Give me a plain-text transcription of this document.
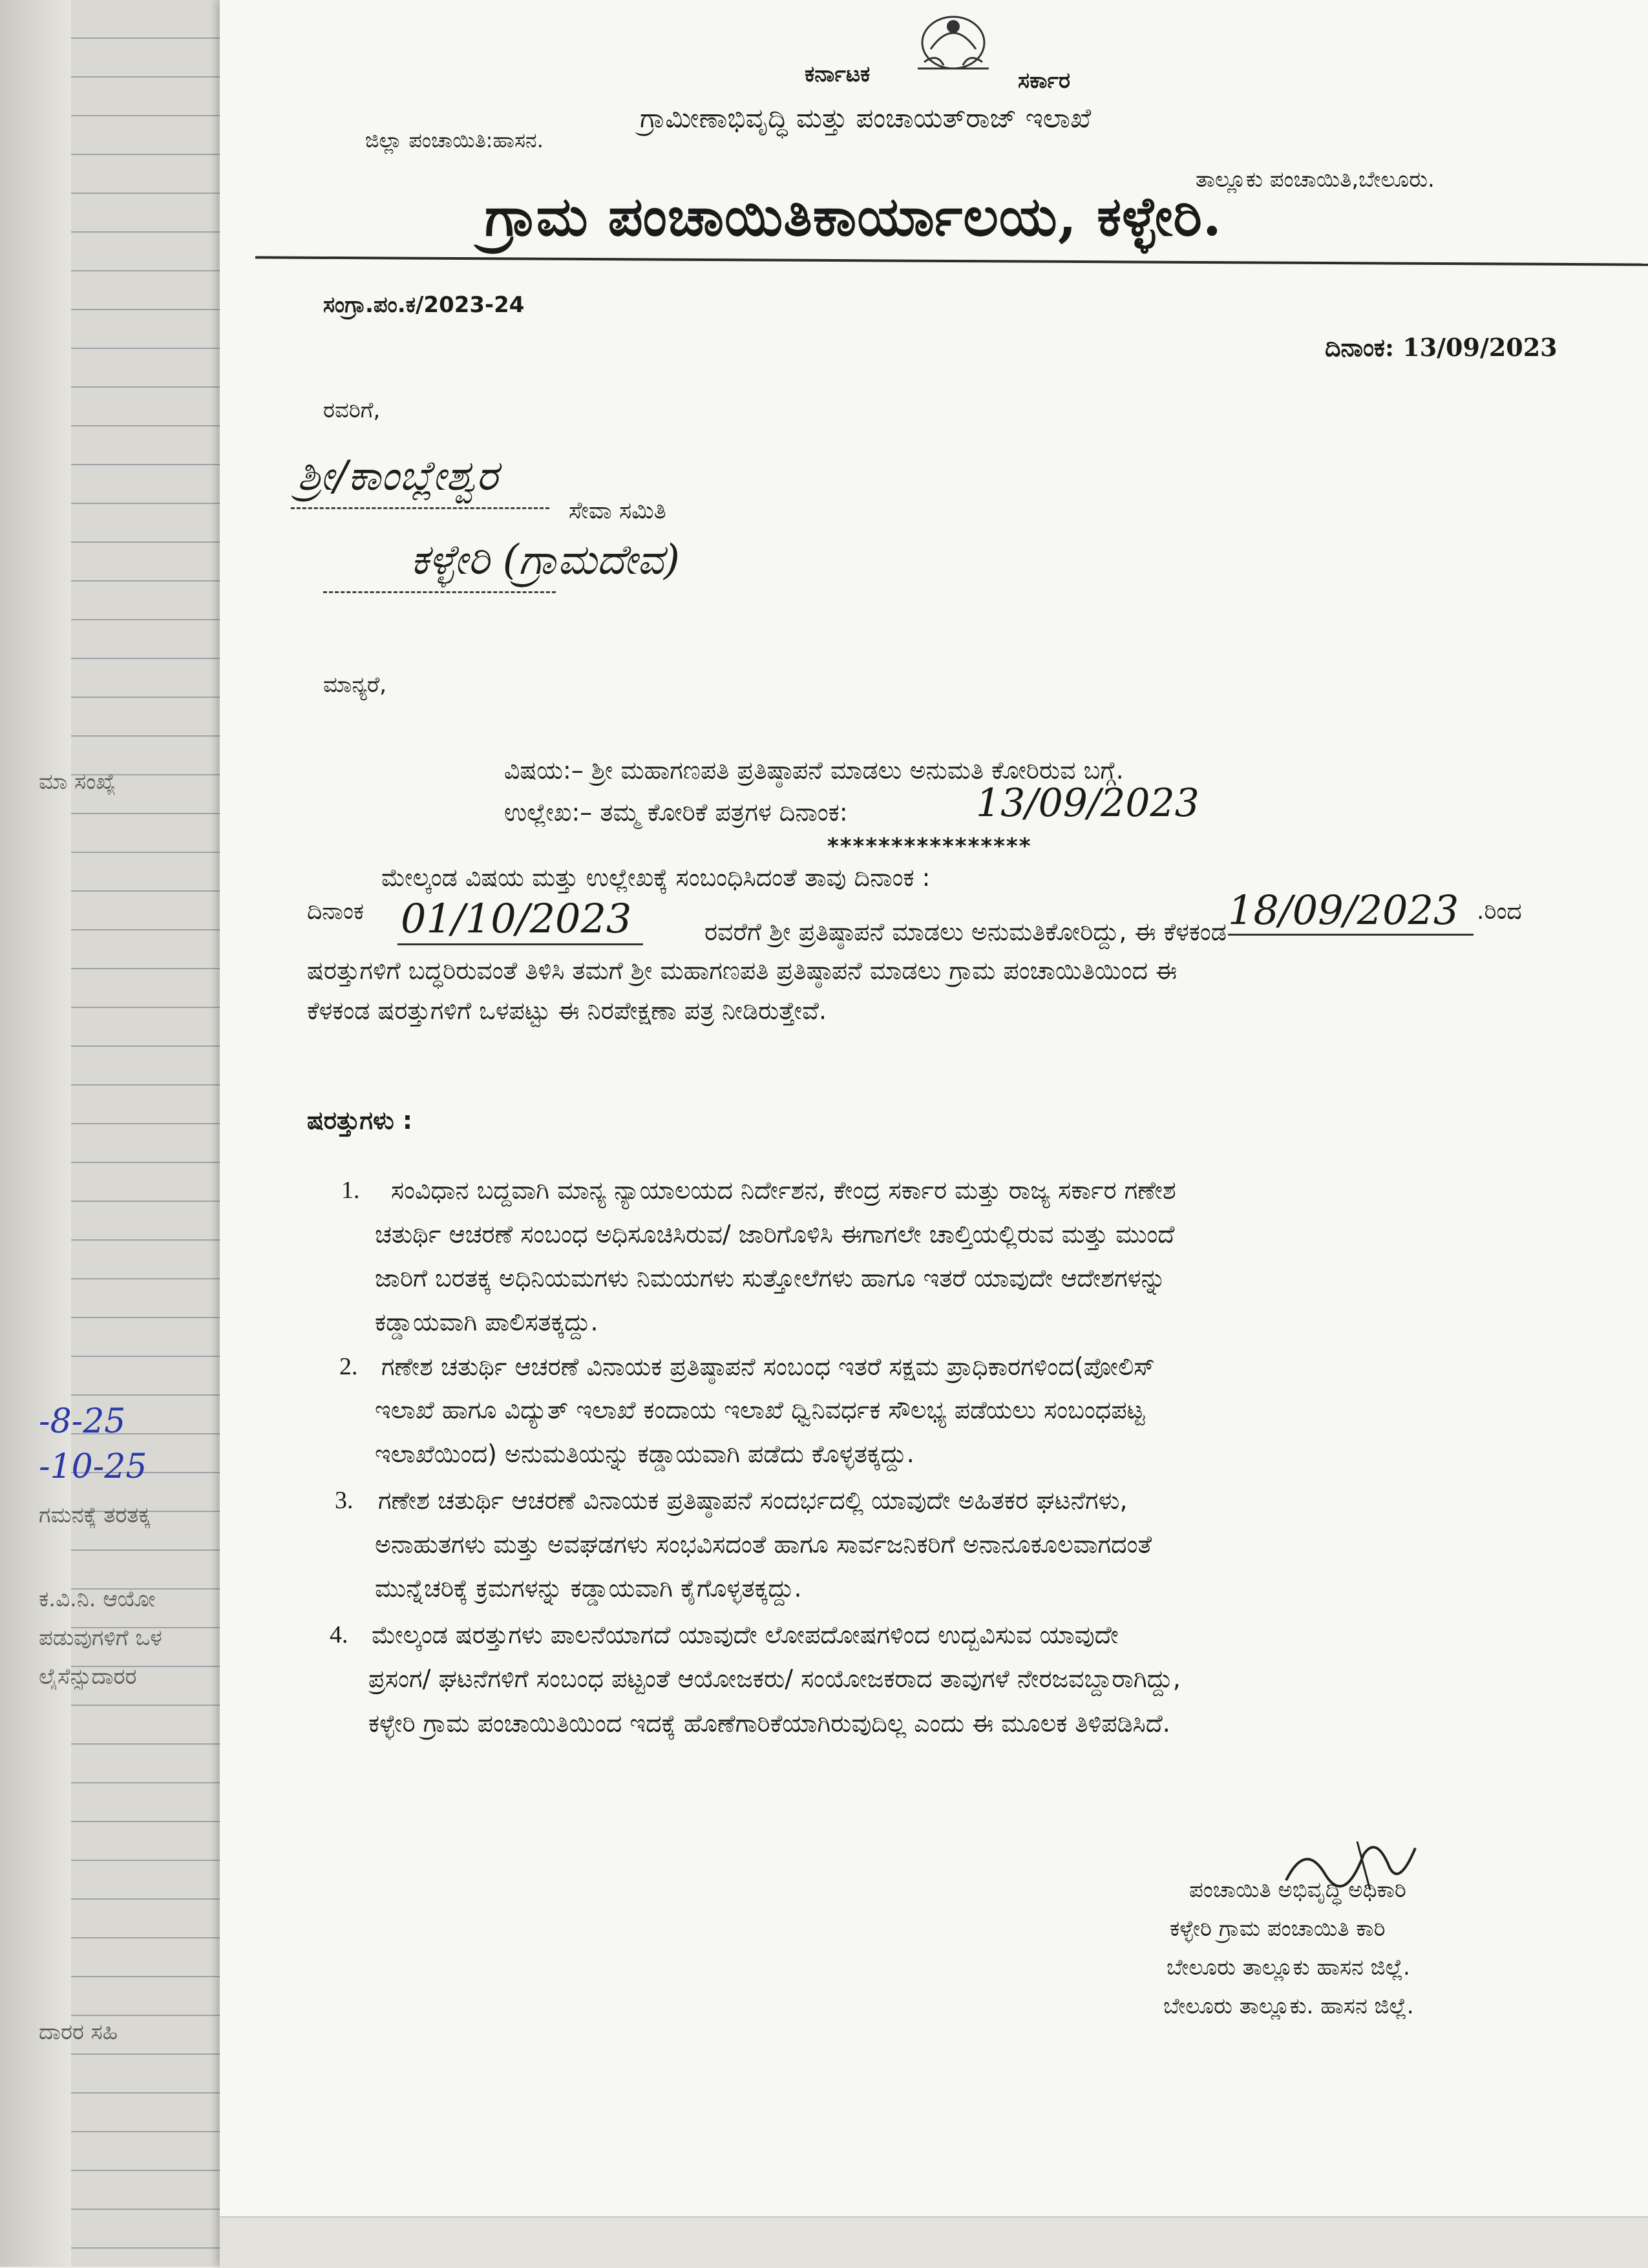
ಮಾ ಸಂಖ್ಯೆ
-8-25
-10-25
ಗಮನಕ್ಕೆ ತರತಕ್ಕ
ಕ.ವಿ.ನಿ. ಆಯೋ
ಪಡುವುಗಳಿಗೆ ಒಳ
ಲೈಸೆನ್ಸುದಾರರ
ದಾರರ ಸಹಿ
ಕರ್ನಾಟಕ	ಸರ್ಕಾರ
ಗ್ರಾಮೀಣಾಭಿವೃದ್ಧಿ ಮತ್ತು ಪಂಚಾಯತ್‌ರಾಜ್ ಇಲಾಖೆ
ಜಿಲ್ಲಾ ಪಂಚಾಯಿತಿ:ಹಾಸನ.
ತಾಲ್ಲೂಕು ಪಂಚಾಯಿತಿ,ಬೇಲೂರು.
ಗ್ರಾಮ ಪಂಚಾಯಿತಿಕಾರ್ಯಾಲಯ, ಕಳ್ಳೇರಿ.
ಸಂಗ್ರಾ.ಪಂ.ಕ/2023-24
ದಿನಾಂಕ: 13/09/2023
ರವರಿಗೆ,
ಶ್ರೀ/ಕಾಂಬ್ಲೇಶ್ವರ
ಸೇವಾ ಸಮಿತಿ
ಕಳ್ಳೇರಿ (ಗ್ರಾಮದೇವ)
ಮಾನ್ಯರೆ,
ವಿಷಯ:– ಶ್ರೀ ಮಹಾಗಣಪತಿ ಪ್ರತಿಷ್ಠಾಪನೆ ಮಾಡಲು ಅನುಮತಿ ಕೋರಿರುವ ಬಗ್ಗೆ.
ಉಲ್ಲೇಖ:– ತಮ್ಮ ಕೋರಿಕೆ ಪತ್ರಗಳ ದಿನಾಂಕ:	13/09/2023
****************
ಮೇಲ್ಕಂಡ ವಿಷಯ ಮತ್ತು ಉಲ್ಲೇಖಕ್ಕೆ ಸಂಬಂಧಿಸಿದಂತೆ ತಾವು ದಿನಾಂಕ :
18/09/2023 .ರಿಂದ
ದಿನಾಂಕ 01/10/2023	ರವರೆಗೆ ಶ್ರೀ ಪ್ರತಿಷ್ಠಾಪನೆ ಮಾಡಲು ಅನುಮತಿಕೋರಿದ್ದು, ಈ ಕೆಳಕಂಡ
ಷರತ್ತುಗಳಿಗೆ ಬದ್ಧರಿರುವಂತೆ ತಿಳಿಸಿ ತಮಗೆ ಶ್ರೀ ಮಹಾಗಣಪತಿ ಪ್ರತಿಷ್ಠಾಪನೆ ಮಾಡಲು ಗ್ರಾಮ ಪಂಚಾಯಿತಿಯಿಂದ ಈ
ಕೆಳಕಂಡ ಷರತ್ತುಗಳಿಗೆ ಒಳಪಟ್ಟು ಈ ನಿರಪೇಕ್ಷಣಾ ಪತ್ರ ನೀಡಿರುತ್ತೇವೆ.
ಷರತ್ತುಗಳು :
1. ಸಂವಿಧಾನ ಬದ್ದವಾಗಿ ಮಾನ್ಯ ನ್ಯಾಯಾಲಯದ ನಿರ್ದೇಶನ, ಕೇಂದ್ರ ಸರ್ಕಾರ ಮತ್ತು ರಾಜ್ಯ ಸರ್ಕಾರ ಗಣೇಶ
ಚತುರ್ಥಿ ಆಚರಣೆ ಸಂಬಂಧ ಅಧಿಸೂಚಿಸಿರುವ/ ಜಾರಿಗೊಳಿಸಿ ಈಗಾಗಲೇ ಚಾಲ್ತಿಯಲ್ಲಿರುವ ಮತ್ತು ಮುಂದೆ
ಜಾರಿಗೆ ಬರತಕ್ಕ ಅಧಿನಿಯಮಗಳು ನಿಮಯಗಳು ಸುತ್ತೋಲೆಗಳು ಹಾಗೂ ಇತರೆ ಯಾವುದೇ ಆದೇಶಗಳನ್ನು
ಕಡ್ಡಾಯವಾಗಿ ಪಾಲಿಸತಕ್ಕದ್ದು.
2. ಗಣೇಶ ಚತುರ್ಥಿ ಆಚರಣೆ ವಿನಾಯಕ ಪ್ರತಿಷ್ಠಾಪನೆ ಸಂಬಂಧ ಇತರೆ ಸಕ್ಷಮ ಪ್ರಾಧಿಕಾರಗಳಿಂದ(ಪೋಲಿಸ್
ಇಲಾಖೆ ಹಾಗೂ ವಿದ್ಯುತ್ ಇಲಾಖೆ ಕಂದಾಯ ಇಲಾಖೆ ಧ್ವಿನಿವರ್ಧಕ ಸೌಲಭ್ಯ ಪಡೆಯಲು ಸಂಬಂಧಪಟ್ಟ
ಇಲಾಖೆಯಿಂದ) ಅನುಮತಿಯನ್ನು ಕಡ್ಡಾಯವಾಗಿ ಪಡೆದು ಕೊಳ್ಳತಕ್ಕದ್ದು.
3. ಗಣೇಶ ಚತುರ್ಥಿ ಆಚರಣೆ ವಿನಾಯಕ ಪ್ರತಿಷ್ಠಾಪನೆ ಸಂದರ್ಭದಲ್ಲಿ ಯಾವುದೇ ಅಹಿತಕರ ಘಟನೆಗಳು,
ಅನಾಹುತಗಳು ಮತ್ತು ಅವಘಡಗಳು ಸಂಭವಿಸದಂತೆ ಹಾಗೂ ಸಾರ್ವಜನಿಕರಿಗೆ ಅನಾನೂಕೂಲವಾಗದಂತೆ
ಮುನ್ನೆಚರಿಕ್ಕೆ ಕ್ರಮಗಳನ್ನು ಕಡ್ಡಾಯವಾಗಿ ಕೈಗೊಳ್ಳತಕ್ಕದ್ದು.
4. ಮೇಲ್ಕಂಡ ಷರತ್ತುಗಳು ಪಾಲನೆಯಾಗದೆ ಯಾವುದೇ ಲೋಪದೋಷಗಳಿಂದ ಉದ್ಬವಿಸುವ ಯಾವುದೇ
ಪ್ರಸಂಗ/ ಘಟನೆಗಳಿಗೆ ಸಂಬಂಧ ಪಟ್ಟಂತೆ ಆಯೋಜಕರು/ ಸಂಯೋಜಕರಾದ ತಾವುಗಳೆ ನೇರಜವಬ್ದಾರಾಗಿದ್ದು,
ಕಳ್ಳೇರಿ ಗ್ರಾಮ ಪಂಚಾಯಿತಿಯಿಂದ ಇದಕ್ಕೆ ಹೊಣೆಗಾರಿಕೆಯಾಗಿರುವುದಿಲ್ಲ ಎಂದು ಈ ಮೂಲಕ ತಿಳಿಪಡಿಸಿದೆ.
ಪಂಚಾಯಿತಿ ಅಭಿವೃದ್ಧಿ ಅಧಿಕಾರಿ
ಕಳ್ಳೇರಿ ಗ್ರಾಮ ಪಂಚಾಯಿತಿ ಕಾರಿ
ಬೇಲೂರು ತಾಲ್ಲೂಕು ಹಾಸನ ಜಿಲ್ಲೆ.
ಬೇಲೂರು ತಾಲ್ಲೂಕು. ಹಾಸನ ಜಿಲ್ಲೆ.
